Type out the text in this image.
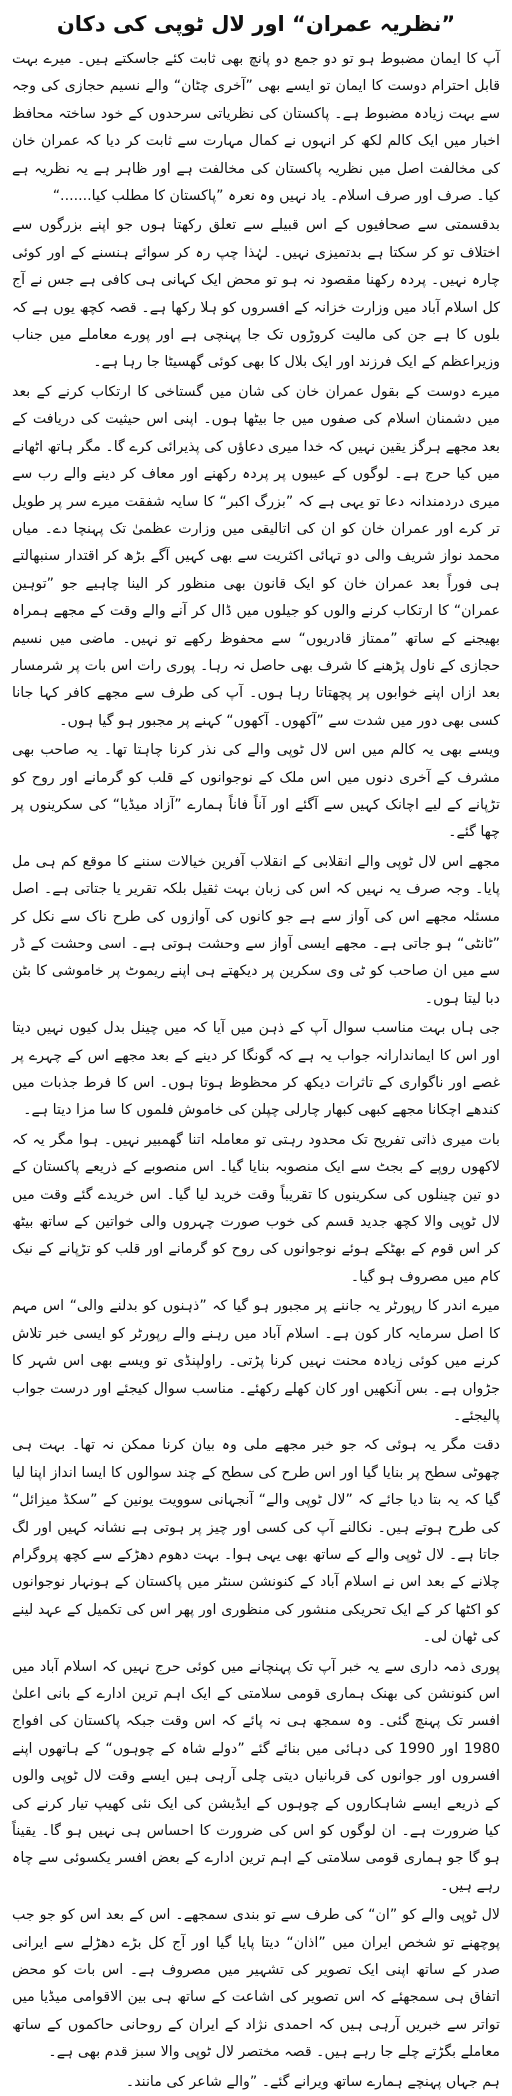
”نظریہ عمران“ اور لال ٹوپی کی دکان

آپ کا ایمان مضبوط ہو تو دو جمع دو پانچ بھی ثابت کئے جاسکتے ہیں۔ میرے بہت قابل احترام دوست کا ایمان تو ایسے بھی ”آخری چٹان“ والے نسیم حجازی کی وجہ سے بہت زیادہ مضبوط ہے۔ پاکستان کی نظریاتی سرحدوں کے خود ساختہ محافظ اخبار میں ایک کالم لکھ کر انہوں نے کمال مہارت سے ثابت کر دیا کہ عمران خان کی مخالفت اصل میں نظریہ پاکستان کی مخالفت ہے اور ظاہر ہے یہ نظریہ ہے کیا۔ صرف اور صرف اسلام۔ یاد نہیں وہ نعرہ ”پاکستان کا مطلب کیا.......“

بدقسمتی سے صحافیوں کے اس قبیلے سے تعلق رکھتا ہوں جو اپنے بزرگوں سے اختلاف تو کر سکتا ہے بدتمیزی نہیں۔ لہٰذا چپ رہ کر سوائے ہنسنے کے اور کوئی چارہ نہیں۔ پردہ رکھنا مقصود نہ ہو تو محض ایک کہانی ہی کافی ہے جس نے آج کل اسلام آباد میں وزارت خزانہ کے افسروں کو ہلا رکھا ہے۔ قصہ کچھ یوں ہے کہ بلوں کا ہے جن کی مالیت کروڑوں تک جا پہنچی ہے اور پورے معاملے میں جناب وزیراعظم کے ایک فرزند اور ایک بلال کا بھی کوئی گھسیٹا جا رہا ہے۔

میرے دوست کے بقول عمران خان کی شان میں گستاخی کا ارتکاب کرنے کے بعد میں دشمنان اسلام کی صفوں میں جا بیٹھا ہوں۔ اپنی اس حیثیت کی دریافت کے بعد مجھے ہرگز یقین نہیں کہ خدا میری دعاؤں کی پذیرائی کرے گا۔ مگر ہاتھ اٹھانے میں کیا حرج ہے۔ لوگوں کے عیبوں پر پردہ رکھنے اور معاف کر دینے والے رب سے میری دردمندانہ دعا تو یہی ہے کہ ”بزرگ اکبر“ کا سایہ شفقت میرے سر پر طویل تر کرے اور عمران خان کو ان کی اتالیقی میں وزارت عظمیٰ تک پہنچا دے۔ میاں محمد نواز شریف والی دو تہائی اکثریت سے بھی کہیں آگے بڑھ کر اقتدار سنبھالتے ہی فوراً بعد عمران خان کو ایک قانون بھی منظور کر الینا چاہیے جو ”توہین عمران“ کا ارتکاب کرنے والوں کو جیلوں میں ڈال کر آنے والے وقت کے مجھے ہمراہ بھیجنے کے ساتھ ”ممتاز قادریوں“ سے محفوظ رکھے تو نہیں۔ ماضی میں نسیم حجازی کے ناول پڑھنے کا شرف بھی حاصل نہ رہا۔ پوری رات اس بات پر شرمسار بعد ازاں اپنے خوابوں پر پچھتاتا رہا ہوں۔ آپ کی طرف سے مجھے کافر کہا جانا کسی بھی دور میں شدت سے ”آکھوں۔ آکھوں“ کہنے پر مجبور ہو گیا ہوں۔

ویسے بھی یہ کالم میں اس لال ٹوپی والے کی نذر کرنا چاہتا تھا۔ یہ صاحب بھی مشرف کے آخری دنوں میں اس ملک کے نوجوانوں کے قلب کو گرمانے اور روح کو تڑپانے کے لیے اچانک کہیں سے آگئے اور آناً فاناً ہمارے ”آزاد میڈیا“ کی سکرینوں پر چھا گئے۔

مجھے اس لال ٹوپی والے انقلابی کے انقلاب آفرین خیالات سننے کا موقع کم ہی مل پایا۔ وجہ صرف یہ نہیں کہ اس کی زبان بہت ثقیل بلکہ تقریر یا جتاتی ہے۔ اصل مسئلہ مجھے اس کی آواز سے ہے جو کانوں کی آوازوں کی طرح ناک سے نکل کر ”ٹانٹی“ ہو جاتی ہے۔ مجھے ایسی آواز سے وحشت ہوتی ہے۔ اسی وحشت کے ڈر سے میں ان صاحب کو ٹی وی سکرین پر دیکھتے ہی اپنے ریموٹ پر خاموشی کا بٹن دبا لیتا ہوں۔

جی ہاں بہت مناسب سوال آپ کے ذہن میں آیا کہ میں چینل بدل کیوں نہیں دیتا اور اس کا ایماندارانہ جواب یہ ہے کہ گونگا کر دینے کے بعد مجھے اس کے چہرے پر غصے اور ناگواری کے تاثرات دیکھ کر محظوظ ہوتا ہوں۔ اس کا فرط جذبات میں کندھے اچکانا مجھے کبھی کبھار چارلی چپلن کی خاموش فلموں کا سا مزا دیتا ہے۔

بات میری ذاتی تفریح تک محدود رہتی تو معاملہ اتنا گھمبیر نہیں۔ ہوا مگر یہ کہ لاکھوں روپے کے بجٹ سے ایک منصوبہ بنایا گیا۔ اس منصوبے کے ذریعے پاکستان کے دو تین چینلوں کی سکرینوں کا تقریباً وقت خرید لیا گیا۔ اس خریدے گئے وقت میں لال ٹوپی والا کچھ جدید قسم کی خوب صورت چہروں والی خواتین کے ساتھ بیٹھ کر اس قوم کے بھٹکے ہوئے نوجوانوں کی روح کو گرمانے اور قلب کو تڑپانے کے نیک کام میں مصروف ہو گیا۔

میرے اندر کا رپورٹر یہ جاننے پر مجبور ہو گیا کہ ”ذہنوں کو بدلنے والی“ اس مہم کا اصل سرمایہ کار کون ہے۔ اسلام آباد میں رہنے والے رپورٹر کو ایسی خبر تلاش کرنے میں کوئی زیادہ محنت نہیں کرنا پڑتی۔ راولپنڈی تو ویسے بھی اس شہر کا جڑواں ہے۔ بس آنکھیں اور کان کھلے رکھئے۔ مناسب سوال کیجئے اور درست جواب پالیجئے۔

دقت مگر یہ ہوئی کہ جو خبر مجھے ملی وہ بیان کرنا ممکن نہ تھا۔ بہت ہی چھوٹی سطح پر بنایا گیا اور اس طرح کی سطح کے چند سوالوں کا ایسا انداز اپنا لیا گیا کہ یہ بتا دیا جائے کہ ”لال ٹوپی والے“ آنجہانی سوویت یونین کے ”سکڈ میزائل“ کی طرح ہوتے ہیں۔ نکالنے آپ کی کسی اور چیز پر ہوتی ہے نشانہ کہیں اور لگ جاتا ہے۔ لال ٹوپی والے کے ساتھ بھی یہی ہوا۔ بہت دھوم دھڑکے سے کچھ پروگرام چلانے کے بعد اس نے اسلام آباد کے کنونشن سنٹر میں پاکستان کے ہونہار نوجوانوں کو اکٹھا کر کے ایک تحریکی منشور کی منظوری اور پھر اس کی تکمیل کے عہد لینے کی ٹھان لی۔

پوری ذمہ داری سے یہ خبر آپ تک پہنچانے میں کوئی حرج نہیں کہ اسلام آباد میں اس کنونشن کی بھنک ہماری قومی سلامتی کے ایک اہم ترین ادارے کے بانی اعلیٰ افسر تک پہنچ گئی۔ وہ سمجھ ہی نہ پائے کہ اس وقت جبکہ پاکستان کی افواج 1980 اور 1990 کی دہائی میں بنائے گئے ”دولے شاہ کے چوہوں“ کے ہاتھوں اپنے افسروں اور جوانوں کی قربانیاں دیتی چلی آرہی ہیں ایسے وقت لال ٹوپی والوں کے ذریعے ایسے شاہکاروں کے چوہوں کے ایڈیشن کی ایک نئی کھیپ تیار کرنے کی کیا ضرورت ہے۔ ان لوگوں کو اس کی ضرورت کا احساس ہی نہیں ہو گا۔ یقیناً ہو گا جو ہماری قومی سلامتی کے اہم ترین ادارے کے بعض افسر یکسوئی سے چاہ رہے ہیں۔

لال ٹوپی والے کو ”ان“ کی طرف سے تو بندی سمجھے۔ اس کے بعد اس کو جو جب پوچھنے تو شخص ایران میں ”اذان“ دیتا پایا گیا اور آج کل بڑے دھڑلے سے ایرانی صدر کے ساتھ اپنی ایک تصویر کی تشہیر میں مصروف ہے۔ اس بات کو محض اتفاق ہی سمجھئے کہ اس تصویر کی اشاعت کے ساتھ ہی بین الاقوامی میڈیا میں تواتر سے خبریں آرہی ہیں کہ احمدی نژاد کے ایران کے روحانی حاکموں کے ساتھ معاملے بگڑتے چلے جا رہے ہیں۔ قصہ مختصر لال ٹوپی والا سبز قدم بھی ہے۔

ہم جہاں پہنچے ہمارے ساتھ ویرانے گئے۔ ”والے شاعر کی مانند۔
